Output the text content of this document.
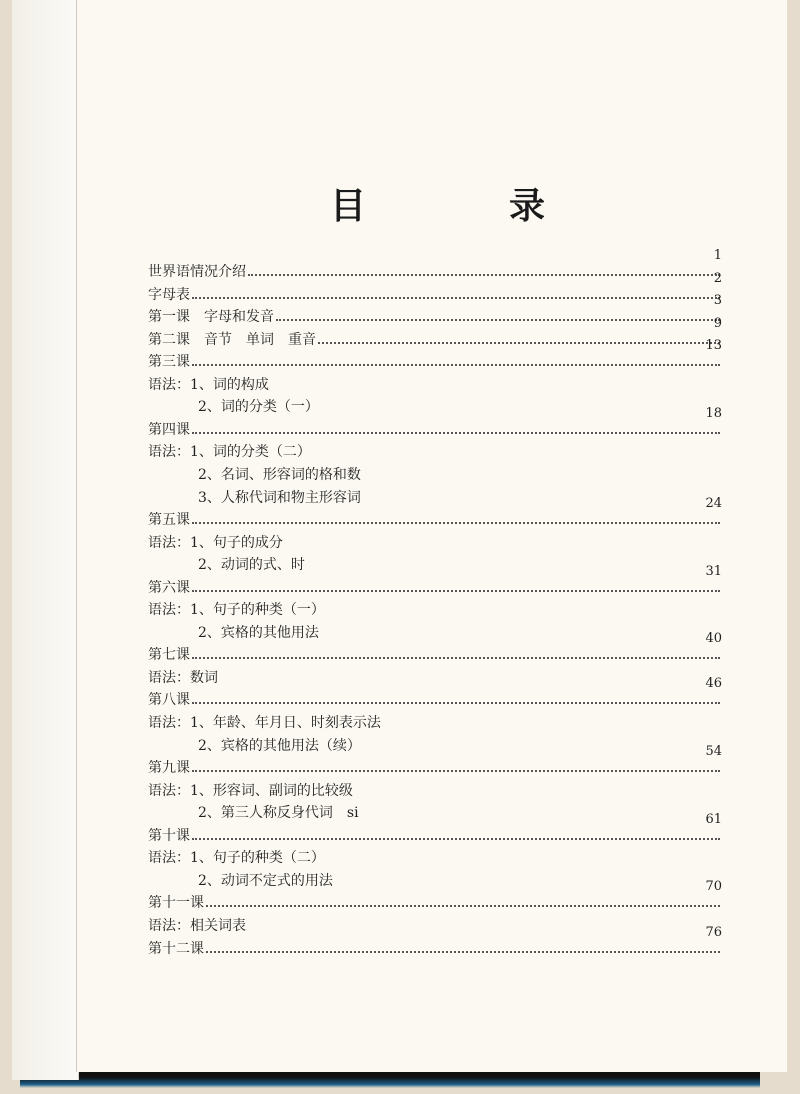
目	录
世界语情况介绍
1
字母表
2
第一课　字母和发音
3
第二课　音节　单词　重音
9
第三课
13
语法：1、词的构成
2、词的分类（一）
第四课
18
语法：1、词的分类（二）
2、名词、形容词的格和数
3、人称代词和物主形容词
第五课
24
语法：1、句子的成分
2、动词的式、时
第六课
31
语法：1、句子的种类（一）
2、宾格的其他用法
第七课
40
语法：数词
第八课
46
语法：1、年龄、年月日、时刻表示法
2、宾格的其他用法（续）
第九课
54
语法：1、形容词、副词的比较级
2、第三人称反身代词　si
第十课
61
语法：1、句子的种类（二）
2、动词不定式的用法
第十一课
70
语法：相关词表
第十二课
76
